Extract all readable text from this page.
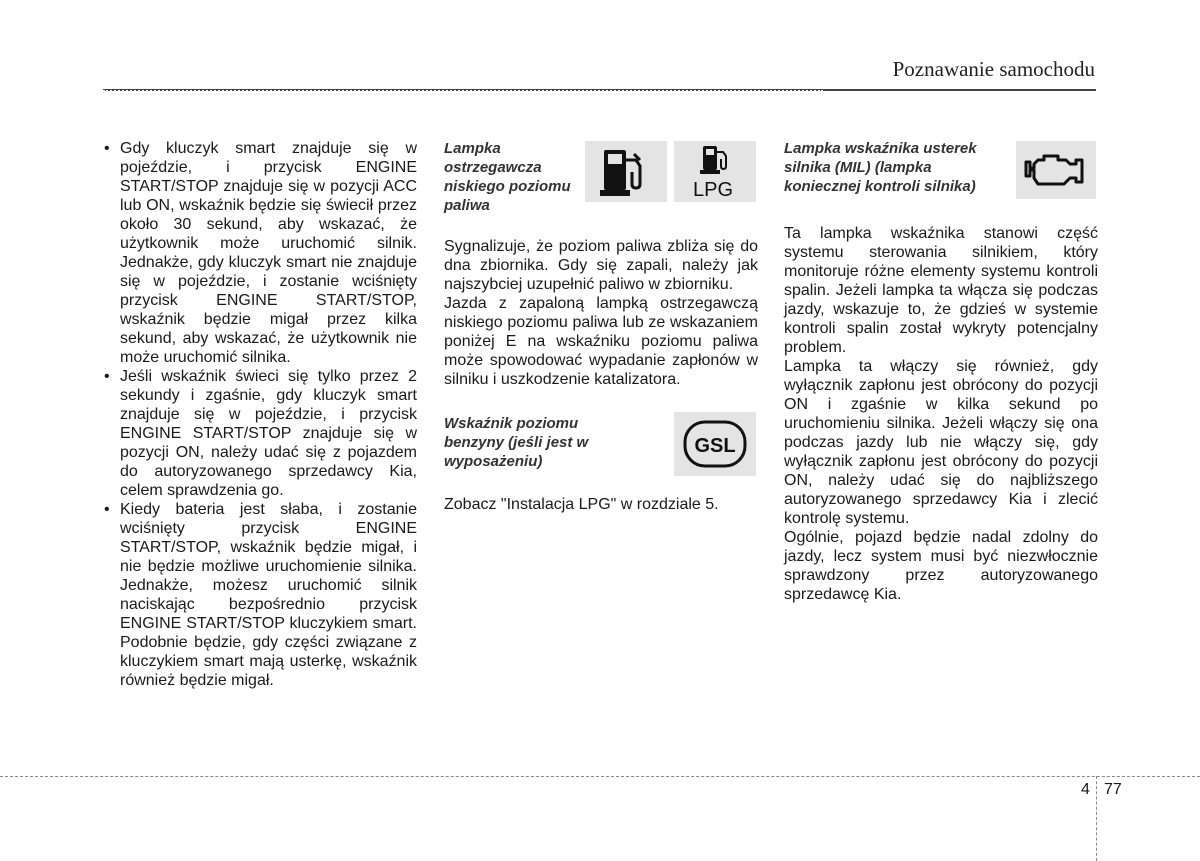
Poznawanie samochodu
• Gdy kluczyk smart znajduje się w pojeździe, i przycisk ENGINE START/STOP znajduje się w pozycji ACC lub ON, wskaźnik będzie się świecił przez około 30 sekund, aby wskazać, że użytkownik może uruchomić silnik. Jednakże, gdy kluczyk smart nie znajduje się w pojeździe, i zostanie wciśnięty przycisk ENGINE START/STOP, wskaźnik będzie migał przez kilka sekund, aby wskazać, że użytkownik nie może uruchomić silnika.
• Jeśli wskaźnik świeci się tylko przez 2 sekundy i zgaśnie, gdy kluczyk smart znajduje się w pojeździe, i przycisk ENGINE START/STOP znajduje się w pozycji ON, należy udać się z pojazdem do autoryzowanego sprzedawcy Kia, celem sprawdzenia go.
• Kiedy bateria jest słaba, i zostanie wciśnięty przycisk ENGINE START/STOP, wskaźnik będzie migał, i nie będzie możliwe uruchomienie silnika. Jednakże, możesz uruchomić silnik naciskając bezpośrednio przycisk ENGINE START/STOP kluczykiem smart. Podobnie będzie, gdy części związane z kluczykiem smart mają usterkę, wskaźnik również będzie migał.
Lampka ostrzegawcza niskiego poziomu paliwa
LPG

Sygnalizuje, że poziom paliwa zbliża się do dna zbiornika. Gdy się zapali, należy jak najszybciej uzupełnić paliwo w zbiorniku.

Jazda z zapaloną lampką ostrzegawczą niskiego poziomu paliwa lub ze wskazaniem poniżej E na wskaźniku poziomu paliwa może spowodować wypadanie zapłonów w silniku i uszkodzenie katalizatora.

Wskaźnik poziomu benzyny (jeśli jest w wyposażeniu)
GSL

Zobacz "Instalacja LPG" w rozdziale 5.

Lampka wskaźnika usterek silnika (MIL) (lampka koniecznej kontroli silnika)

Ta lampka wskaźnika stanowi część systemu sterowania silnikiem, który monitoruje różne elementy systemu kontroli spalin. Jeżeli lampka ta włącza się podczas jazdy, wskazuje to, że gdzieś w systemie kontroli spalin został wykryty potencjalny problem.

Lampka ta włączy się również, gdy wyłącznik zapłonu jest obrócony do pozycji ON i zgaśnie w kilka sekund po uruchomieniu silnika. Jeżeli włączy się ona podczas jazdy lub nie włączy się, gdy wyłącznik zapłonu jest obrócony do pozycji ON, należy udać się do najbliższego autoryzowanego sprzedawcy Kia i zlecić kontrolę systemu.

Ogólnie, pojazd będzie nadal zdolny do jazdy, lecz system musi być niezwłocznie sprawdzony przez autoryzowanego sprzedawcę Kia.

4 77
